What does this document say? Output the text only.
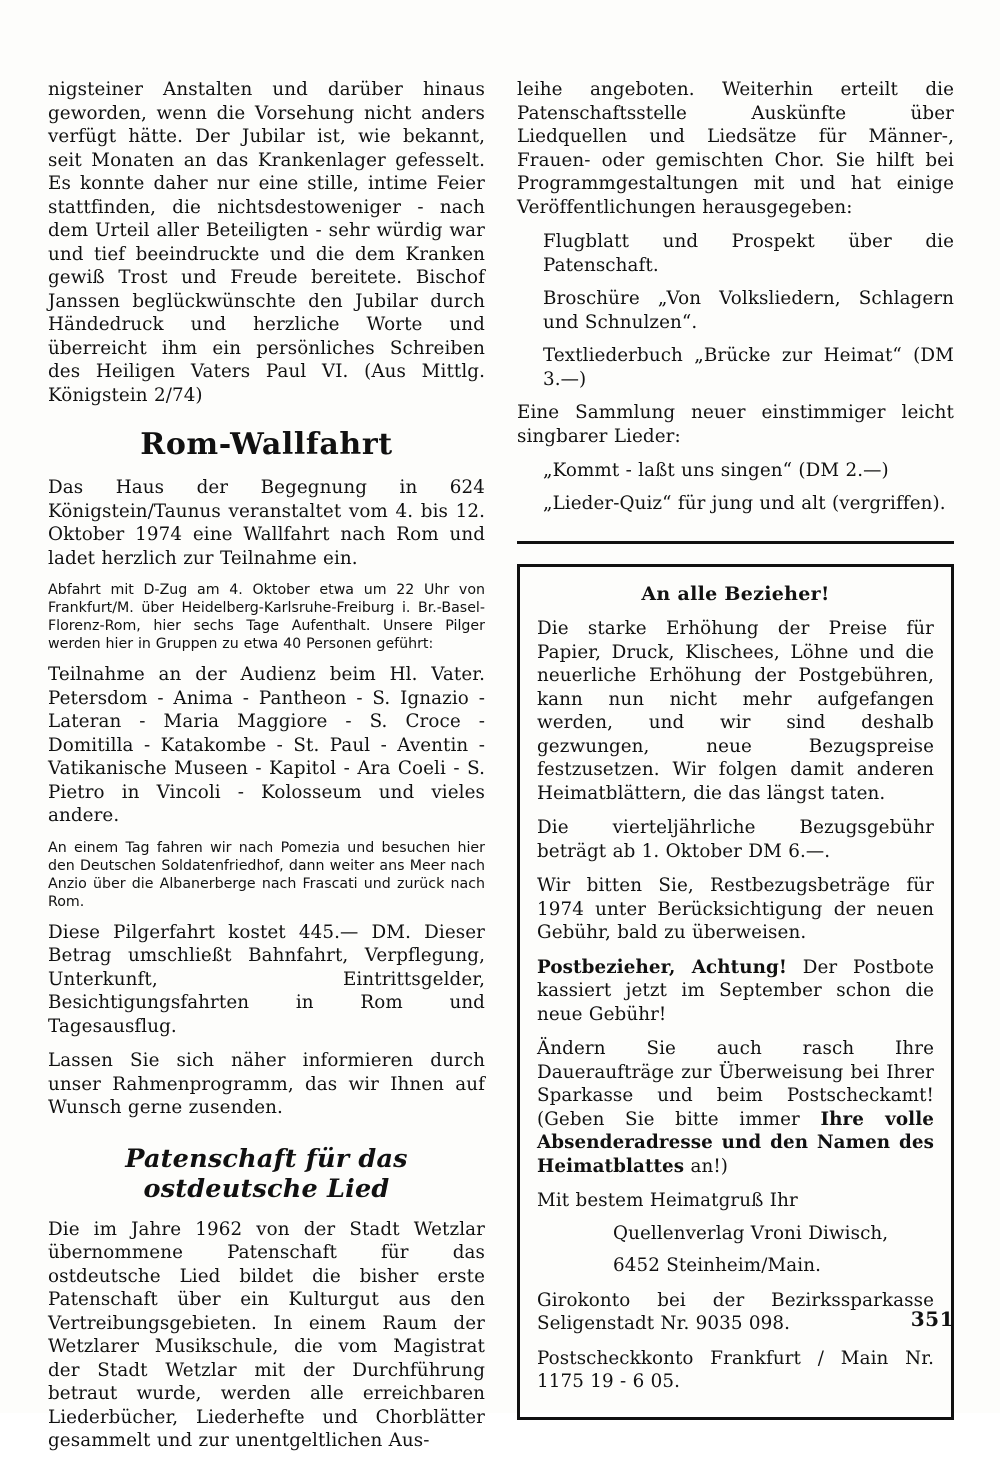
nigsteiner Anstalten und darüber hinaus geworden, wenn die Vorsehung nicht anders verfügt hätte. Der Jubilar ist, wie bekannt, seit Monaten an das Krankenlager gefesselt. Es konnte daher nur eine stille, intime Feier stattfinden, die nichtsdestoweniger - nach dem Urteil aller Beteiligten - sehr würdig war und tief beeindruckte und die dem Kranken gewiß Trost und Freude bereitete. Bischof Janssen beglückwünschte den Jubilar durch Händedruck und herzliche Worte und überreicht ihm ein persönliches Schreiben des Heiligen Vaters Paul VI. (Aus Mittlg. Königstein 2/74)

Rom-Wallfahrt

Das Haus der Begegnung in 624 Königstein/Taunus veranstaltet vom 4. bis 12. Oktober 1974 eine Wallfahrt nach Rom und ladet herzlich zur Teilnahme ein.

Abfahrt mit D-Zug am 4. Oktober etwa um 22 Uhr von Frankfurt/M. über Heidelberg-Karlsruhe-Freiburg i. Br.-Basel-Florenz-Rom, hier sechs Tage Aufenthalt. Unsere Pilger werden hier in Gruppen zu etwa 40 Personen geführt:

Teilnahme an der Audienz beim Hl. Vater. Petersdom - Anima - Pantheon - S. Ignazio - Lateran - Maria Maggiore - S. Croce - Domitilla - Katakombe - St. Paul - Aventin - Vatikanische Museen - Kapitol - Ara Coeli - S. Pietro in Vincoli - Kolosseum und vieles andere.

An einem Tag fahren wir nach Pomezia und besuchen hier den Deutschen Soldatenfriedhof, dann weiter ans Meer nach Anzio über die Albanerberge nach Frascati und zurück nach Rom.

Diese Pilgerfahrt kostet 445.— DM. Dieser Betrag umschließt Bahnfahrt, Verpflegung, Unterkunft, Eintrittsgelder, Besichtigungsfahrten in Rom und Tagesausflug.

Lassen Sie sich näher informieren durch unser Rahmenprogramm, das wir Ihnen auf Wunsch gerne zusenden.

Patenschaft für das ostdeutsche Lied

Die im Jahre 1962 von der Stadt Wetzlar übernommene Patenschaft für das ostdeutsche Lied bildet die bisher erste Patenschaft über ein Kulturgut aus den Vertreibungsgebieten. In einem Raum der Wetzlarer Musikschule, die vom Magistrat der Stadt Wetzlar mit der Durchführung betraut wurde, werden alle erreichbaren Liederbücher, Liederhefte und Chorblätter gesammelt und zur unentgeltlichen Aus-

leihe angeboten. Weiterhin erteilt die Patenschaftsstelle Auskünfte über Liedquellen und Liedsätze für Männer-, Frauen- oder gemischten Chor. Sie hilft bei Programmgestaltungen mit und hat einige Veröffentlichungen herausgegeben:

Flugblatt und Prospekt über die Patenschaft.

Broschüre „Von Volksliedern, Schlagern und Schnulzen“.

Textliederbuch „Brücke zur Heimat“ (DM 3.—)

Eine Sammlung neuer einstimmiger leicht singbarer Lieder:

„Kommt - laßt uns singen“ (DM 2.—)

„Lieder-Quiz“ für jung und alt (vergriffen).

An alle Bezieher!

Die starke Erhöhung der Preise für Papier, Druck, Klischees, Löhne und die neuerliche Erhöhung der Postgebühren, kann nun nicht mehr aufgefangen werden, und wir sind deshalb gezwungen, neue Bezugspreise festzusetzen. Wir folgen damit anderen Heimatblättern, die das längst taten.

Die vierteljährliche Bezugsgebühr beträgt ab 1. Oktober DM 6.—.

Wir bitten Sie, Restbezugsbeträge für 1974 unter Berücksichtigung der neuen Gebühr, bald zu überweisen.

Postbezieher, Achtung! Der Postbote kassiert jetzt im September schon die neue Gebühr!

Ändern Sie auch rasch Ihre Daueraufträge zur Überweisung bei Ihrer Sparkasse und beim Postscheckamt! (Geben Sie bitte immer Ihre volle Absenderadresse und den Namen des Heimatblattes an!)

Mit bestem Heimatgruß Ihr

Quellenverlag Vroni Diwisch,

6452 Steinheim/Main.

Girokonto bei der Bezirkssparkasse Seligenstadt Nr. 9035 098.

Postscheckkonto Frankfurt / Main Nr. 1175 19 - 6 05.

351
